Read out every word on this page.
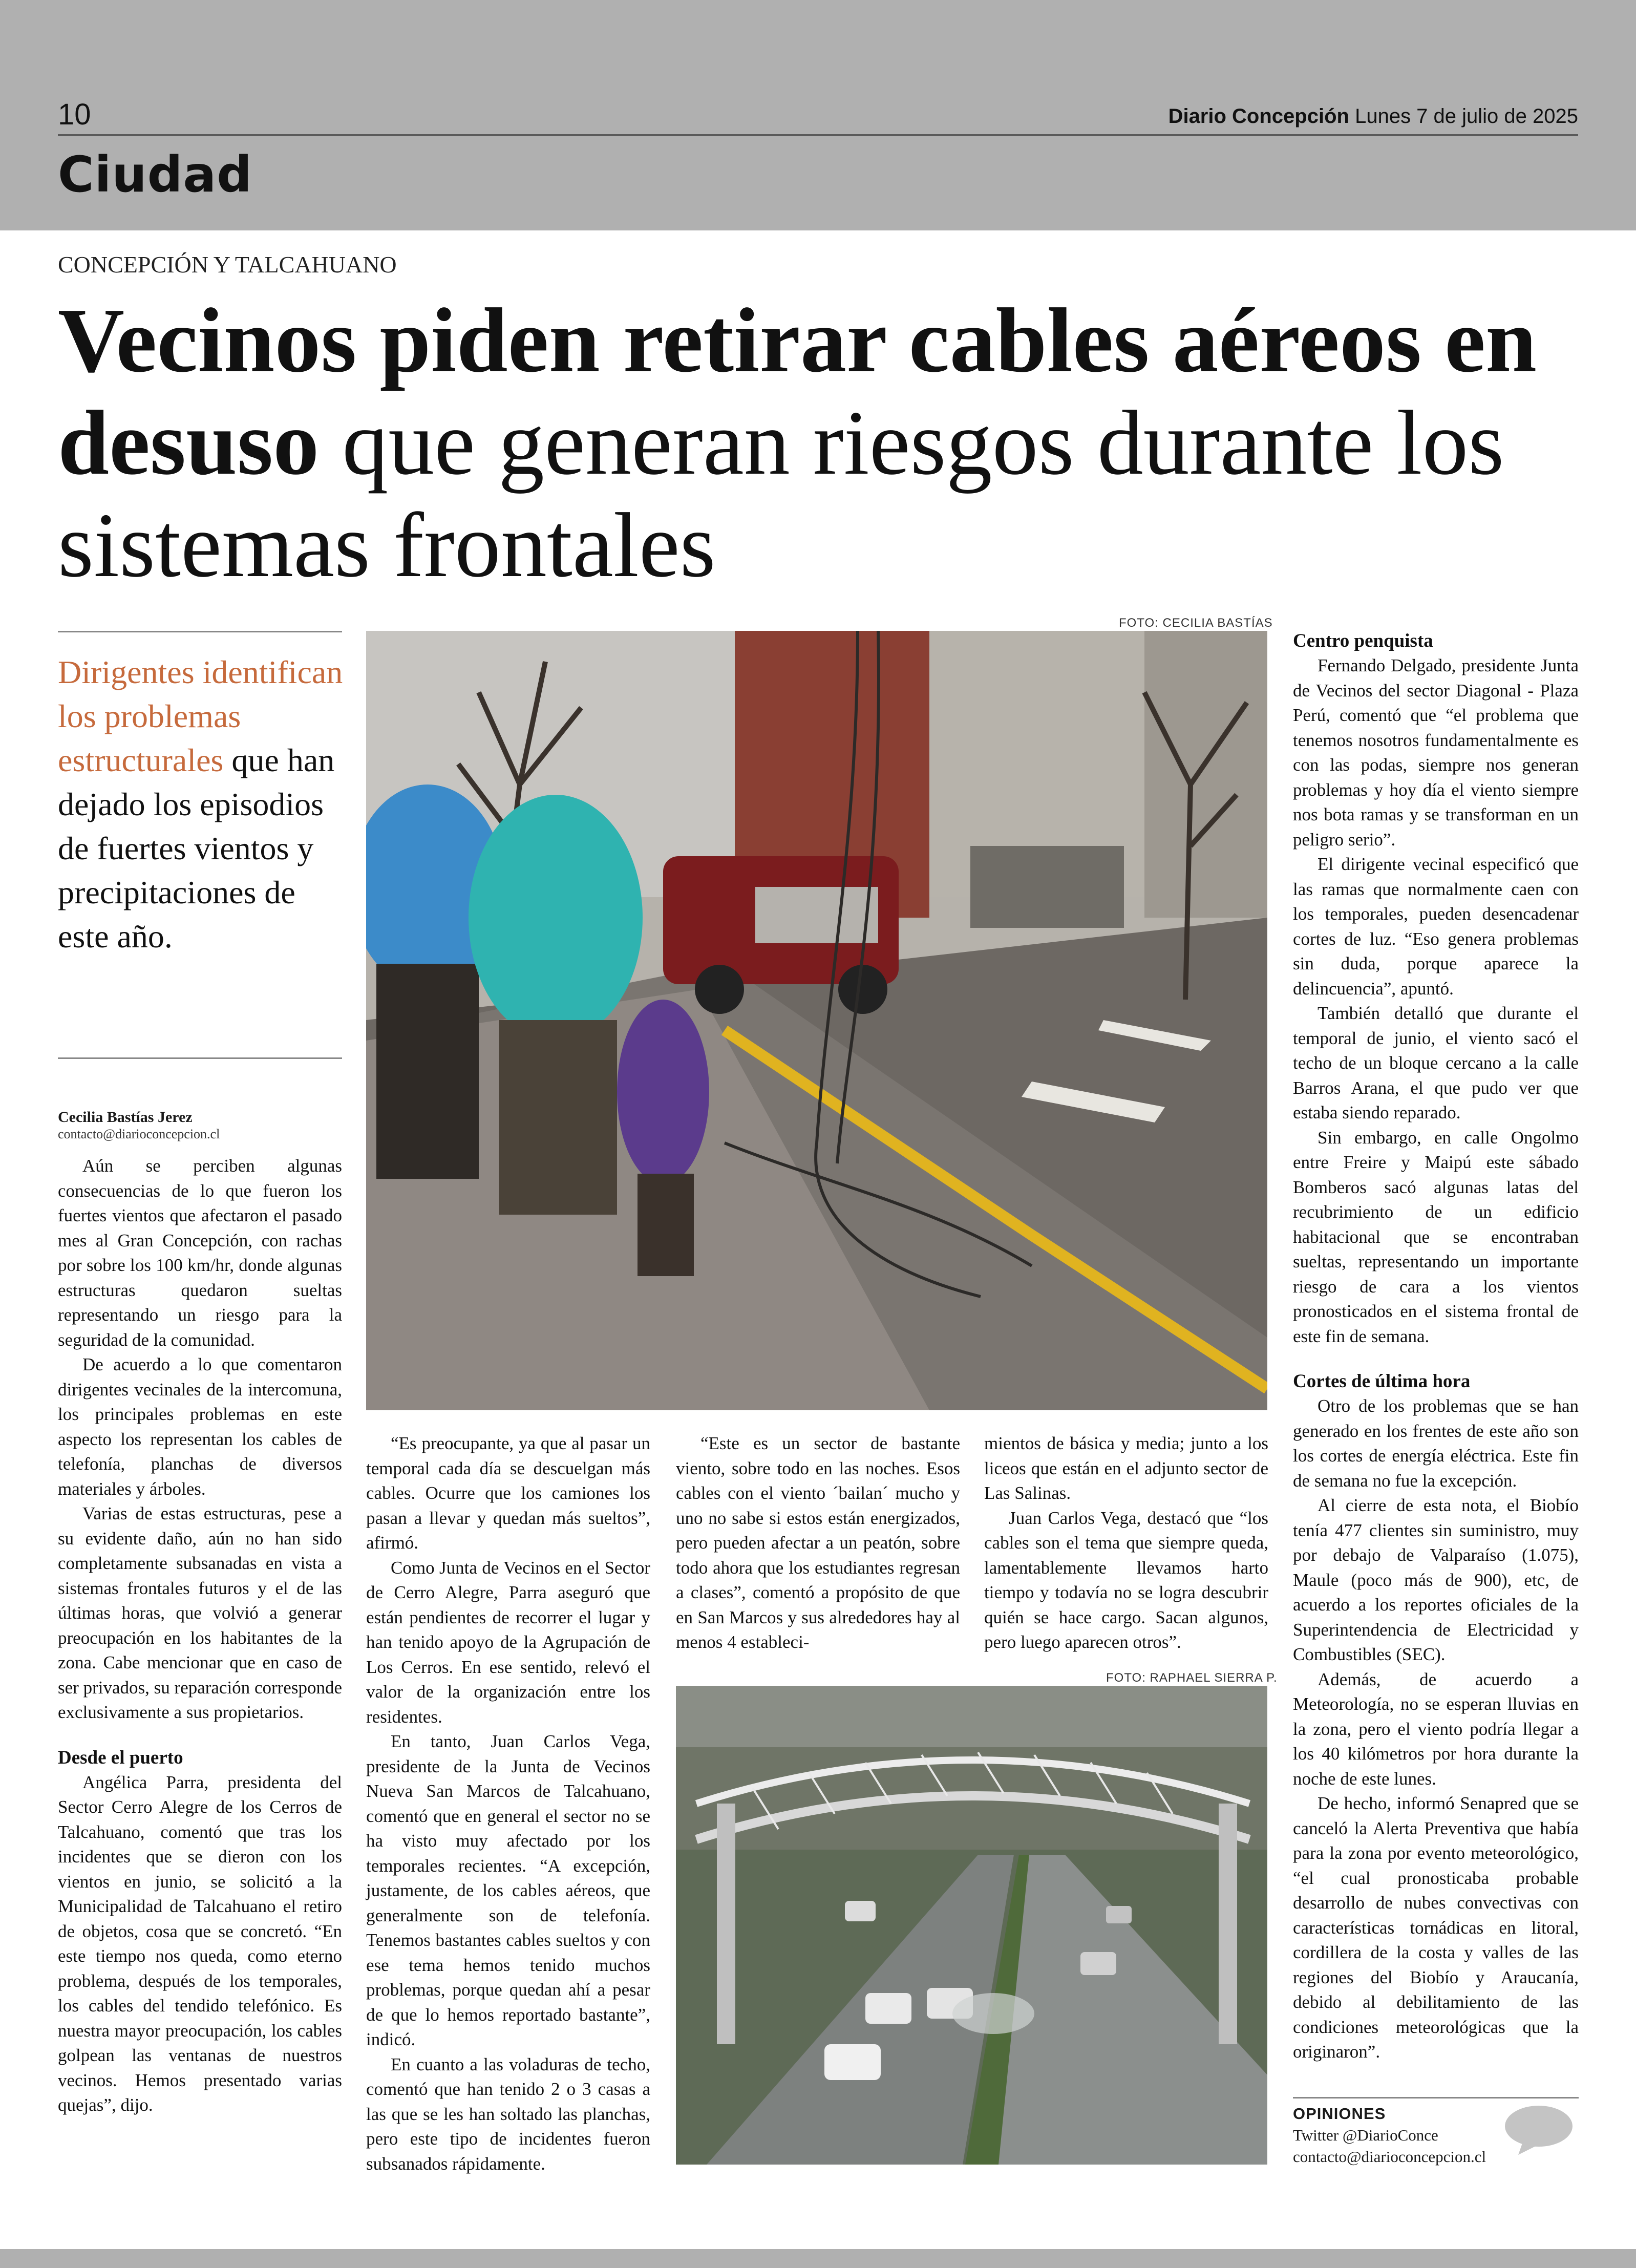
10	Diario Concepción Lunes 7 de julio de 2025
Ciudad
CONCEPCIÓN Y TALCAHUANO
Vecinos piden retirar cables aéreos en desuso que generan riesgos durante los sistemas frontales
Dirigentes identifican los problemas estructurales que han dejado los episodios de fuertes vientos y precipitaciones de este año.
Cecilia Bastías Jerez
contacto@diarioconcepcion.cl

Aún se perciben algunas consecuencias de lo que fueron los fuertes vientos que afectaron el pasado mes al Gran Concepción, con rachas por sobre los 100 km/hr, donde algunas estructuras quedaron sueltas representando un riesgo para la seguridad de la comunidad.

De acuerdo a lo que comentaron dirigentes vecinales de la intercomuna, los principales problemas en este aspecto los representan los cables de telefonía, planchas de diversos materiales y árboles.

Varias de estas estructuras, pese a su evidente daño, aún no han sido completamente subsanadas en vista a sistemas frontales futuros y el de las últimas horas, que volvió a generar preocupación en los habitantes de la zona. Cabe mencionar que en caso de ser privados, su reparación corresponde exclusivamente a sus propietarios.

Desde el puerto

Angélica Parra, presidenta del Sector Cerro Alegre de los Cerros de Talcahuano, comentó que tras los incidentes que se dieron con los vientos en junio, se solicitó a la Municipalidad de Talcahuano el retiro de objetos, cosa que se concretó. “En este tiempo nos queda, como eterno problema, después de los temporales, los cables del tendido telefónico. Es nuestra mayor preocupación, los cables golpean las ventanas de nuestros vecinos. Hemos presentado varias quejas”, dijo.

FOTO: CECILIA BASTÍAS

“Es preocupante, ya que al pasar un temporal cada día se descuelgan más cables. Ocurre que los camiones los pasan a llevar y quedan más sueltos”, afirmó.

Como Junta de Vecinos en el Sector de Cerro Alegre, Parra aseguró que están pendientes de recorrer el lugar y han tenido apoyo de la Agrupación de Los Cerros. En ese sentido, relevó el valor de la organización entre los residentes.

En tanto, Juan Carlos Vega, presidente de la Junta de Vecinos Nueva San Marcos de Talcahuano, comentó que en general el sector no se ha visto muy afectado por los temporales recientes. “A excepción, justamente, de los cables aéreos, que generalmente son de telefonía. Tenemos bastantes cables sueltos y con ese tema hemos tenido muchos problemas, porque quedan ahí a pesar de que lo hemos reportado bastante”, indicó.

En cuanto a las voladuras de techo, comentó que han tenido 2 o 3 casas a las que se les han soltado las planchas, pero este tipo de incidentes fueron subsanados rápidamente.

“Este es un sector de bastante viento, sobre todo en las noches. Esos cables con el viento ´bailan´ mucho y uno no sabe si estos están energizados, pero pueden afectar a un peatón, sobre todo ahora que los estudiantes regresan a clases”, comentó a propósito de que en San Marcos y sus alrededores hay al menos 4 estableci-

mientos de básica y media; junto a los liceos que están en el adjunto sector de Las Salinas.

Juan Carlos Vega, destacó que “los cables son el tema que siempre queda, lamentablemente llevamos harto tiempo y todavía no se logra descubrir quién se hace cargo. Sacan algunos, pero luego aparecen otros”.

FOTO: RAPHAEL SIERRA P.
Centro penquista

Fernando Delgado, presidente Junta de Vecinos del sector Diagonal - Plaza Perú, comentó que “el problema que tenemos nosotros fundamentalmente es con las podas, siempre nos generan problemas y hoy día el viento siempre nos bota ramas y se transforman en un peligro serio”.

El dirigente vecinal especificó que las ramas que normalmente caen con los temporales, pueden desencadenar cortes de luz. “Eso genera problemas sin duda, porque aparece la delincuencia”, apuntó.

También detalló que durante el temporal de junio, el viento sacó el techo de un bloque cercano a la calle Barros Arana, el que pudo ver que estaba siendo reparado.

Sin embargo, en calle Ongolmo entre Freire y Maipú este sábado Bomberos sacó algunas latas del recubrimiento de un edificio habitacional que se encontraban sueltas, representando un importante riesgo de cara a los vientos pronosticados en el sistema frontal de este fin de semana.

Cortes de última hora

Otro de los problemas que se han generado en los frentes de este año son los cortes de energía eléctrica. Este fin de semana no fue la excepción.

Al cierre de esta nota, el Biobío tenía 477 clientes sin suministro, muy por debajo de Valparaíso (1.075), Maule (poco más de 900), etc, de acuerdo a los reportes oficiales de la Superintendencia de Electricidad y Combustibles (SEC).

Además, de acuerdo a Meteorología, no se esperan lluvias en la zona, pero el viento podría llegar a los 40 kilómetros por hora durante la noche de este lunes.

De hecho, informó Senapred que se canceló la Alerta Preventiva que había para la zona por evento meteorológico, “el cual pronosticaba probable desarrollo de nubes convectivas con características tornádicas en litoral, cordillera de la costa y valles de las regiones del Biobío y Araucanía, debido al debilitamiento de las condiciones meteorológicas que la originaron”.

OPINIONES
Twitter @DiarioConce
contacto@diarioconcepcion.cl
